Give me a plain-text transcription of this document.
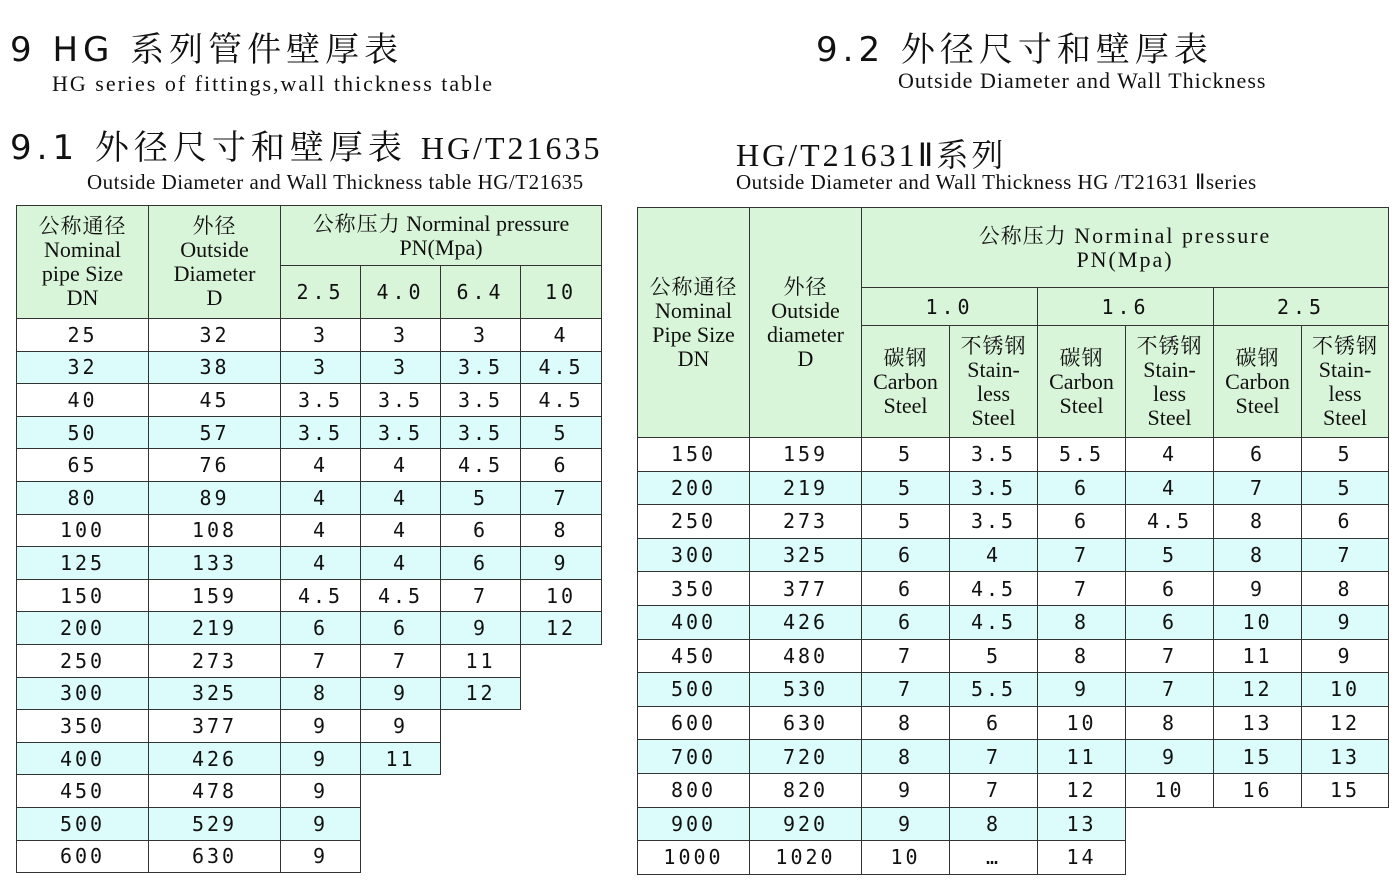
9 HG 系列管件壁厚表
HG series of fittings,wall thickness table
9.2 外径尺寸和壁厚表
Outside Diameter and Wall Thickness
9.1 外径尺寸和壁厚表 HG/T21635
Outside Diameter and Wall Thickness table HG/T21635
HG/T21631Ⅱ系列
Outside Diameter and Wall Thickness HG /T21631 Ⅱseries
公称通径
Nominal
pipe Size
DN	外径
Outside
Diameter
D	公称压力 Norminal pressure
PN(Mpa)			

		2.5	4.0	6.4	10
25	32	3	3	3	4
32	38	3	3	3.5	4.5
40	45	3.5	3.5	3.5	4.5
50	57	3.5	3.5	3.5	5
65	76	4	4	4.5	6
80	89	4	4	5	7
100	108	4	4	6	8
125	133	4	4	6	9
150	159	4.5	4.5	7	10
200	219	6	6	9	12
250	273	7	7	11	
300	325	8	9	12	
350	377	9	9		
400	426	9	11		
450	478	9			
500	529	9			
600	630	9			
公称通径
Nominal
Pipe Size
DN	外径
Outside
diameter
D	公称压力 Norminal pressure
PN(Mpa)					

		1.0		1.6		2.5	

		碳钢
Carbon
Steel	不锈钢
Stain-
less
Steel	碳钢
Carbon
Steel	不锈钢
Stain-
less
Steel	碳钢
Carbon
Steel	不锈钢
Stain-
less
Steel

150	159	5	3.5	5.5	4	6	5
200	219	5	3.5	6	4	7	5
250	273	5	3.5	6	4.5	8	6
300	325	6	4	7	5	8	7
350	377	6	4.5	7	6	9	8
400	426	6	4.5	8	6	10	9
450	480	7	5	8	7	11	9
500	530	7	5.5	9	7	12	10
600	630	8	6	10	8	13	12
700	720	8	7	11	9	15	13
800	820	9	7	12	10	16	15
900	920	9	8	13			
1000	1020	10	…	14			
